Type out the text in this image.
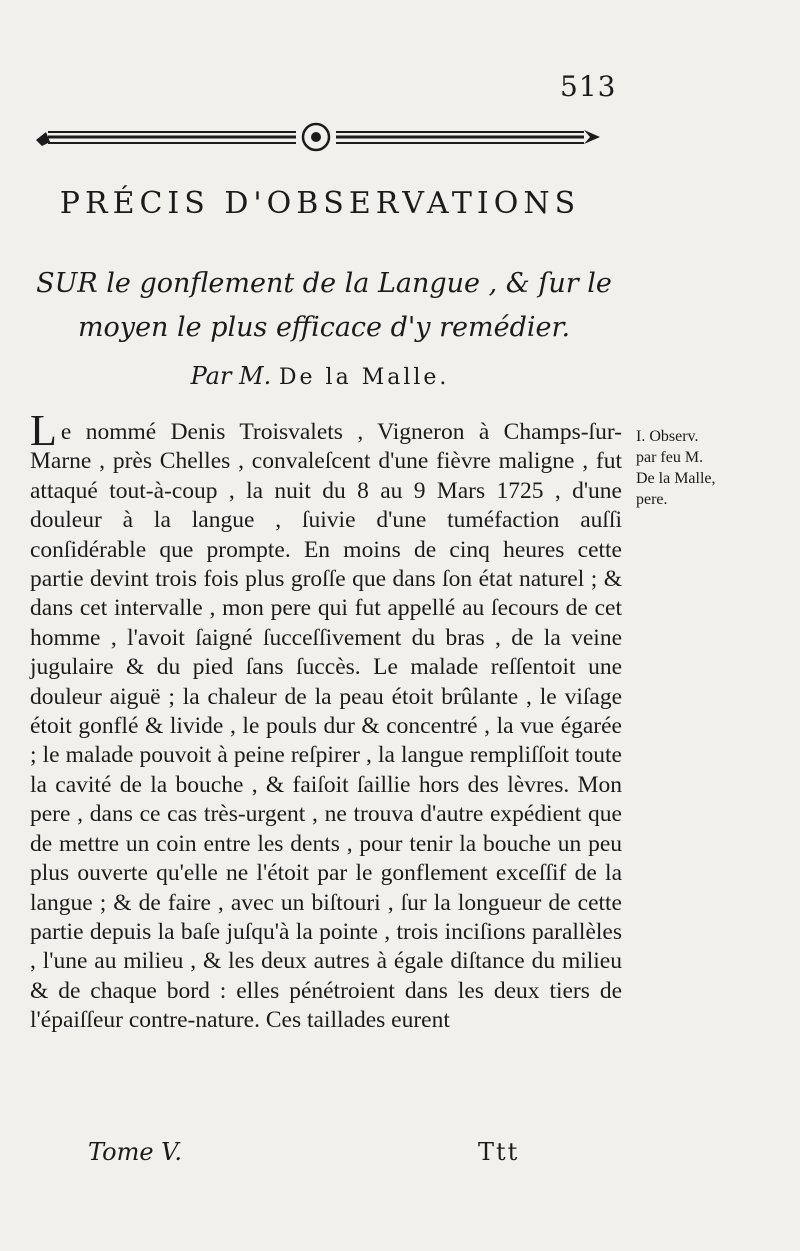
513
PRÉCIS D'OBSERVATIONS
SUR le gonflement de la Langue , & ſur le
moyen le plus efficace d'y remédier.
Par M. De la Malle.
Le nommé Denis Troisvalets , Vigneron à Champs-ſur-Marne , près Chelles , convaleſcent d'une fièvre maligne , fut attaqué tout-à-coup , la nuit du 8 au 9 Mars 1725 , d'une douleur à la langue , ſuivie d'une tuméfaction auſſi conſidérable que prompte. En moins de cinq heures cette partie devint trois fois plus groſſe que dans ſon état naturel ; & dans cet intervalle , mon pere qui fut appellé au ſecours de cet homme , l'avoit ſaigné ſucceſſivement du bras , de la veine jugulaire & du pied ſans ſuccès. Le malade reſſentoit une douleur aiguë ; la chaleur de la peau étoit brûlante , le viſage étoit gonflé & livide , le pouls dur & concentré , la vue égarée ; le malade pouvoit à peine reſpirer , la langue rempliſſoit toute la cavité de la bouche , & faiſoit ſaillie hors des lèvres. Mon pere , dans ce cas très-urgent , ne trouva d'autre expédient que de mettre un coin entre les dents , pour tenir la bouche un peu plus ouverte qu'elle ne l'étoit par le gonflement exceſſif de la langue ; & de faire , avec un biſtouri , ſur la longueur de cette partie depuis la baſe juſqu'à la pointe , trois inciſions parallèles , l'une au milieu , & les deux autres à égale diſtance du milieu & de chaque bord : elles pénétroient dans les deux tiers de l'épaiſſeur contre-nature. Ces taillades eurent
I. Observ.
par feu M.
De la Malle,
pere.
Tome V.	Ttt
